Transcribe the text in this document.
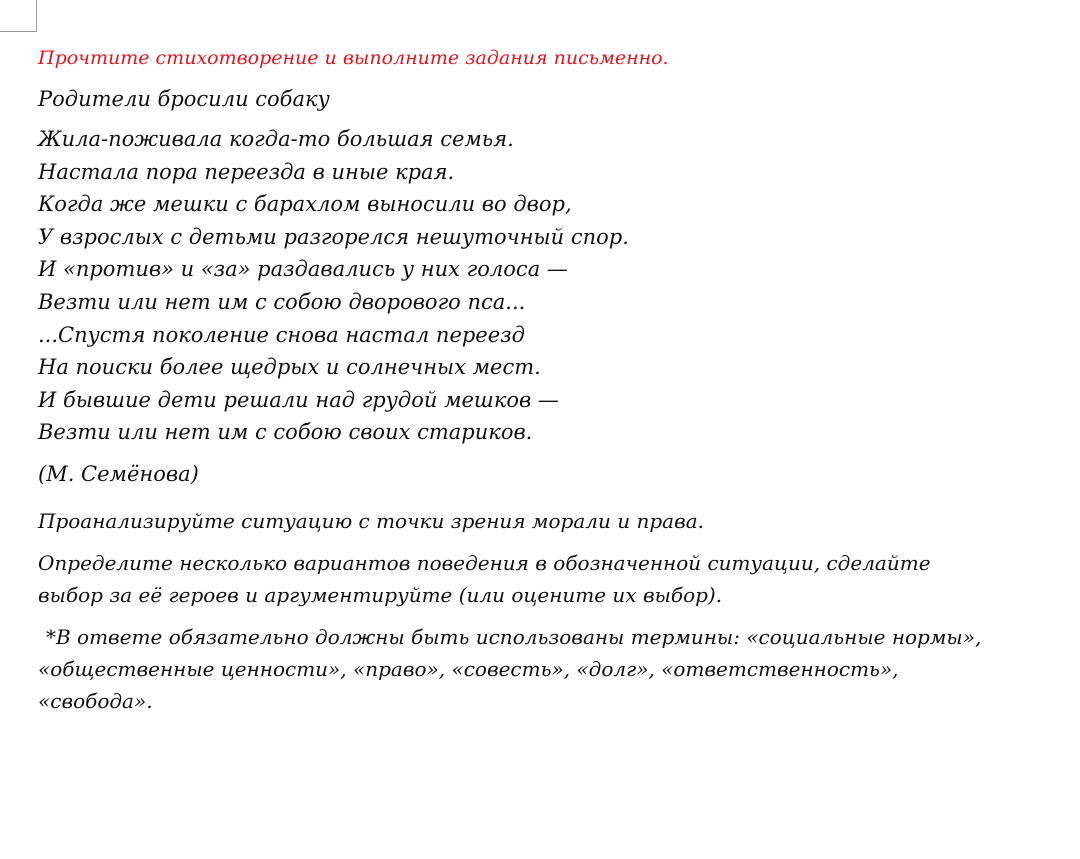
Прочтите стихотворение и выполните задания письменно.
Родители бросили собаку
Жила-поживала когда-то большая семья.
Настала пора переезда в иные края.
Когда же мешки с барахлом выносили во двор,
У взрослых с детьми разгорелся нешуточный спор.
И «против» и «за» раздавались у них голоса —
Везти или нет им с собою дворового пса...
...Спустя поколение снова настал переезд
На поиски более щедрых и солнечных мест.
И бывшие дети решали над грудой мешков —
Везти или нет им с собою своих стариков.
(М. Семёнова)
Проанализируйте ситуацию с точки зрения морали и права.
Определите несколько вариантов поведения в обозначенной ситуации, сделайте
выбор за её героев и аргументируйте (или оцените их выбор).
*В ответе обязательно должны быть использованы термины: «социальные нормы»,
«общественные ценности», «право», «совесть», «долг», «ответственность»,
«свобода».
